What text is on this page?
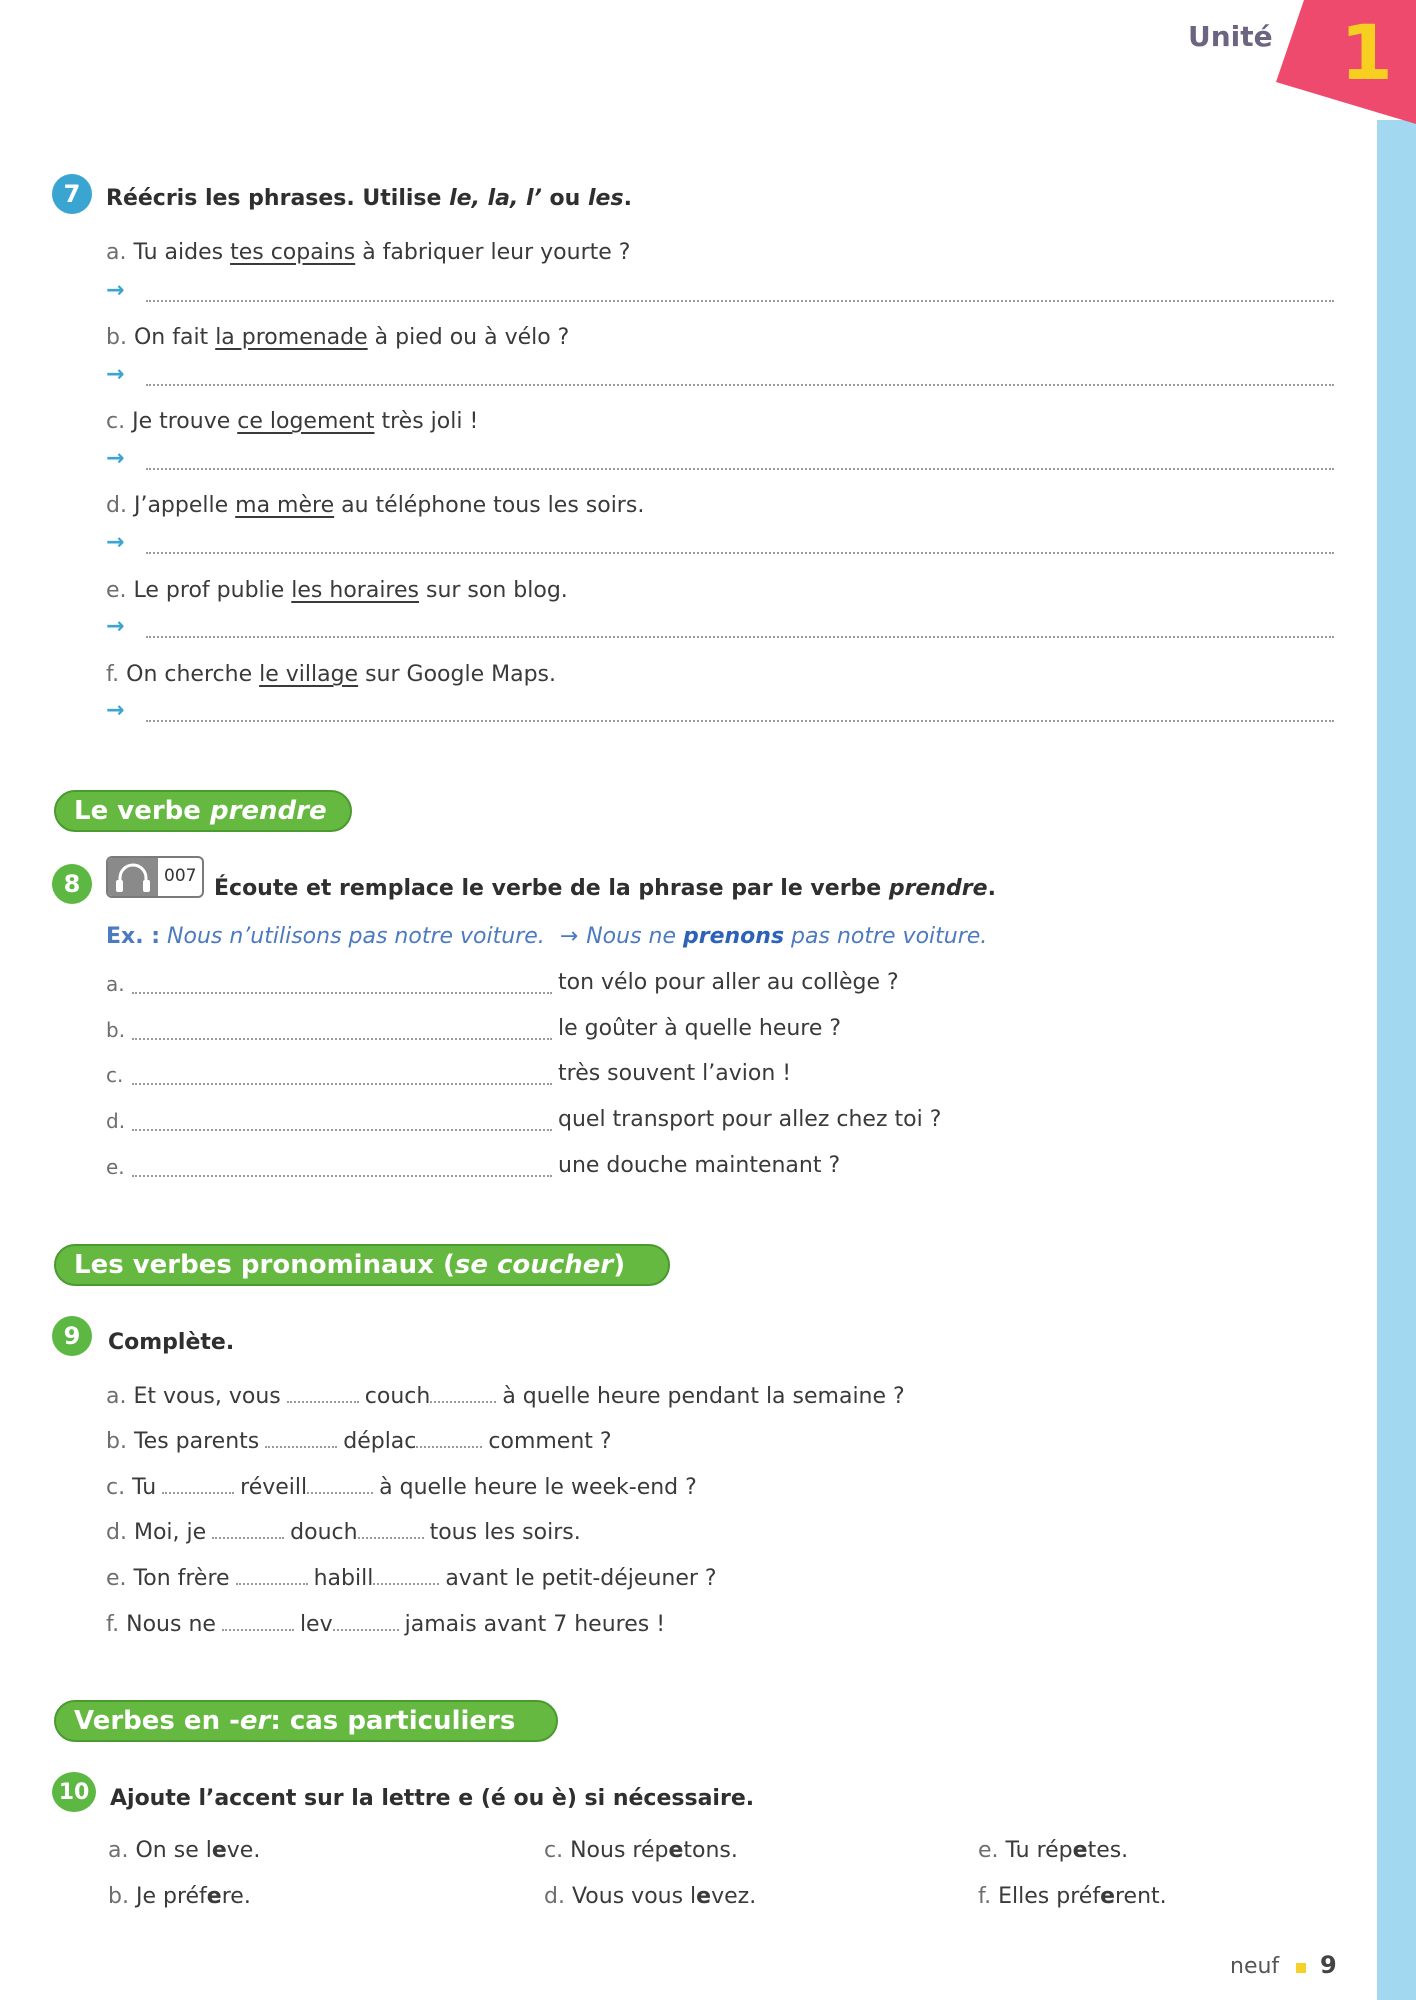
Unité 1
7	Réécris les phrases. Utilise le, la, l’ ou les.
a. Tu aides tes copains à fabriquer leur yourte ?
→
b. On fait la promenade à pied ou à vélo ?
→
c. Je trouve ce logement très joli !
→
d. J’appelle ma mère au téléphone tous les soirs.
→
e. Le prof publie les horaires sur son blog.
→
f. On cherche le village sur Google Maps.
→
Le verbe
prendre
8	007 Écoute et remplace le verbe de la phrase par le verbe prendre.
Ex. : Nous n’utilisons pas notre voiture. → Nous ne prenons pas notre voiture.
a.	ton vélo pour aller au collège ?
b.	le goûter à quelle heure ?
c.	très souvent l’avion !
d.	quel transport pour allez chez toi ?
e.	une douche maintenant ?
Les verbes pronominaux ( se coucher )
9	Complète.
a. Et vous, vous	couch	à quelle heure pendant la semaine ?
b. Tes parents	déplac	comment ?
c. Tu	réveill	à quelle heure le week-end ?
d. Moi, je	douch	tous les soirs.
e. Ton frère	habill	avant le petit-déjeuner ?
f. Nous ne	lev	jamais avant 7 heures !
Verbes en - er : cas particuliers
10 Ajoute l’accent sur la lettre e (é ou è) si nécessaire.
a. On se leve.
b. Je préfere.
c. Nous répetons.
d. Vous vous levez.
e. Tu répetes.
f. Elles préferent.
neuf 9
